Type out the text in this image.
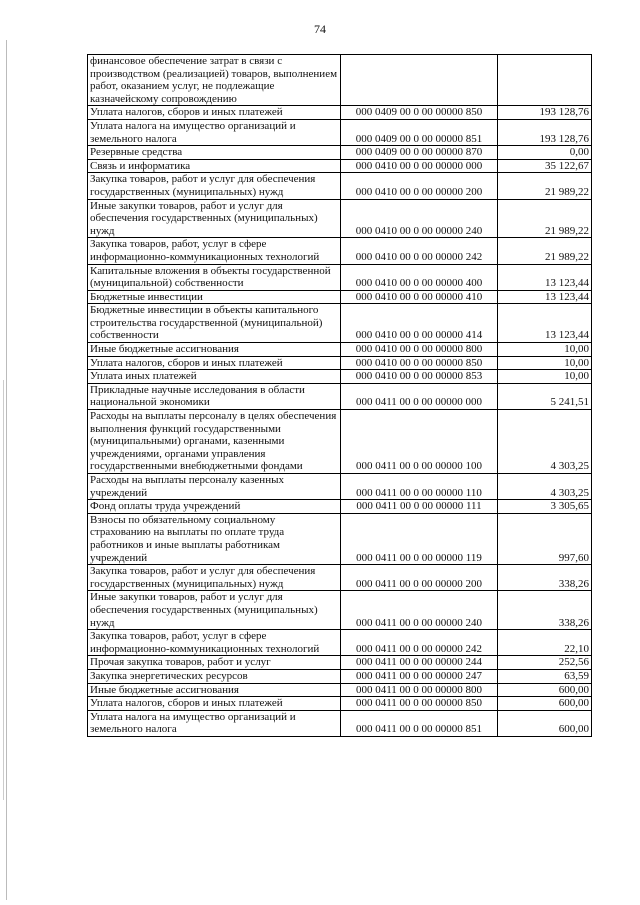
74
финансовое обеспечение затрат в связи с производством (реализацией) товаров, выполнением работ, оказанием услуг, не подлежащие казначейскому сопровождению		
Уплата налогов, сборов и иных платежей	000 0409 00 0 00 00000 850	193 128,76
Уплата налога на имущество организаций и земельного налога	000 0409 00 0 00 00000 851	193 128,76
Резервные средства	000 0409 00 0 00 00000 870	0,00
Связь и информатика	000 0410 00 0 00 00000 000	35 122,67
Закупка товаров, работ и услуг для обеспечения государственных (муниципальных) нужд	000 0410 00 0 00 00000 200	21 989,22
Иные закупки товаров, работ и услуг для обеспечения государственных (муниципальных) нужд	000 0410 00 0 00 00000 240	21 989,22
Закупка товаров, работ, услуг в сфере информационно-коммуникационных технологий	000 0410 00 0 00 00000 242	21 989,22
Капитальные вложения в объекты государственной (муниципальной) собственности	000 0410 00 0 00 00000 400	13 123,44
Бюджетные инвестиции	000 0410 00 0 00 00000 410	13 123,44
Бюджетные инвестиции в объекты капитального строительства государственной (муниципальной) собственности	000 0410 00 0 00 00000 414	13 123,44
Иные бюджетные ассигнования	000 0410 00 0 00 00000 800	10,00
Уплата налогов, сборов и иных платежей	000 0410 00 0 00 00000 850	10,00
Уплата иных платежей	000 0410 00 0 00 00000 853	10,00
Прикладные научные исследования в области национальной экономики	000 0411 00 0 00 00000 000	5 241,51
Расходы на выплаты персоналу в целях обеспечения выполнения функций государственными (муниципальными) органами, казенными учреждениями, органами управления государственными внебюджетными фондами	000 0411 00 0 00 00000 100	4 303,25
Расходы на выплаты персоналу казенных учреждений	000 0411 00 0 00 00000 110	4 303,25
Фонд оплаты труда учреждений	000 0411 00 0 00 00000 111	3 305,65
Взносы по обязательному социальному страхованию на выплаты по оплате труда работников и иные выплаты работникам учреждений	000 0411 00 0 00 00000 119	997,60
Закупка товаров, работ и услуг для обеспечения государственных (муниципальных) нужд	000 0411 00 0 00 00000 200	338,26
Иные закупки товаров, работ и услуг для обеспечения государственных (муниципальных) нужд	000 0411 00 0 00 00000 240	338,26
Закупка товаров, работ, услуг в сфере информационно-коммуникационных технологий	000 0411 00 0 00 00000 242	22,10
Прочая закупка товаров, работ и услуг	000 0411 00 0 00 00000 244	252,56
Закупка энергетических ресурсов	000 0411 00 0 00 00000 247	63,59
Иные бюджетные ассигнования	000 0411 00 0 00 00000 800	600,00
Уплата налогов, сборов и иных платежей	000 0411 00 0 00 00000 850	600,00
Уплата налога на имущество организаций и земельного налога	000 0411 00 0 00 00000 851	600,00
